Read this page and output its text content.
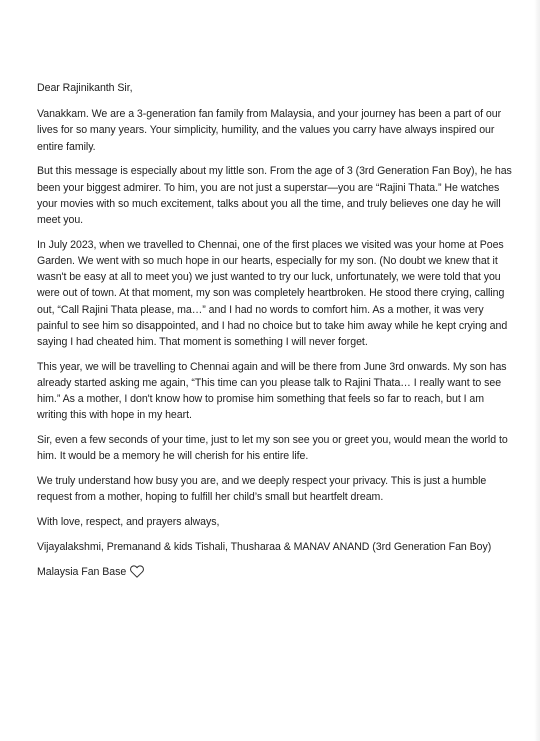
Dear Rajinikanth Sir,

Vanakkam. We are a 3-generation fan family from Malaysia, and your journey has been a part of our lives for so many years. Your simplicity, humility, and the values you carry have always inspired our entire family.

But this message is especially about my little son. From the age of 3 (3rd Generation Fan Boy), he has been your biggest admirer. To him, you are not just a superstar—you are “Rajini Thata.” He watches your movies with so much excitement, talks about you all the time, and truly believes one day he will meet you.

In July 2023, when we travelled to Chennai, one of the first places we visited was your home at Poes Garden. We went with so much hope in our hearts, especially for my son. (No doubt we knew that it wasn't be easy at all to meet you) we just wanted to try our luck, unfortunately, we were told that you were out of town. At that moment, my son was completely heartbroken. He stood there crying, calling out, “Call Rajini Thata please, ma…” and I had no words to comfort him. As a mother, it was very painful to see him so disappointed, and I had no choice but to take him away while he kept crying and saying I had cheated him. That moment is something I will never forget.

This year, we will be travelling to Chennai again and will be there from June 3rd onwards. My son has already started asking me again, “This time can you please talk to Rajini Thata… I really want to see him.” As a mother, I don't know how to promise him something that feels so far to reach, but I am writing this with hope in my heart.

Sir, even a few seconds of your time, just to let my son see you or greet you, would mean the world to him. It would be a memory he will cherish for his entire life.

We truly understand how busy you are, and we deeply respect your privacy. This is just a humble request from a mother, hoping to fulfill her child’s small but heartfelt dream.

With love, respect, and prayers always,

Vijayalakshmi, Premanand & kids Tishali, Thusharaa & MANAV ANAND (3rd Generation Fan Boy)

Malaysia Fan Base
